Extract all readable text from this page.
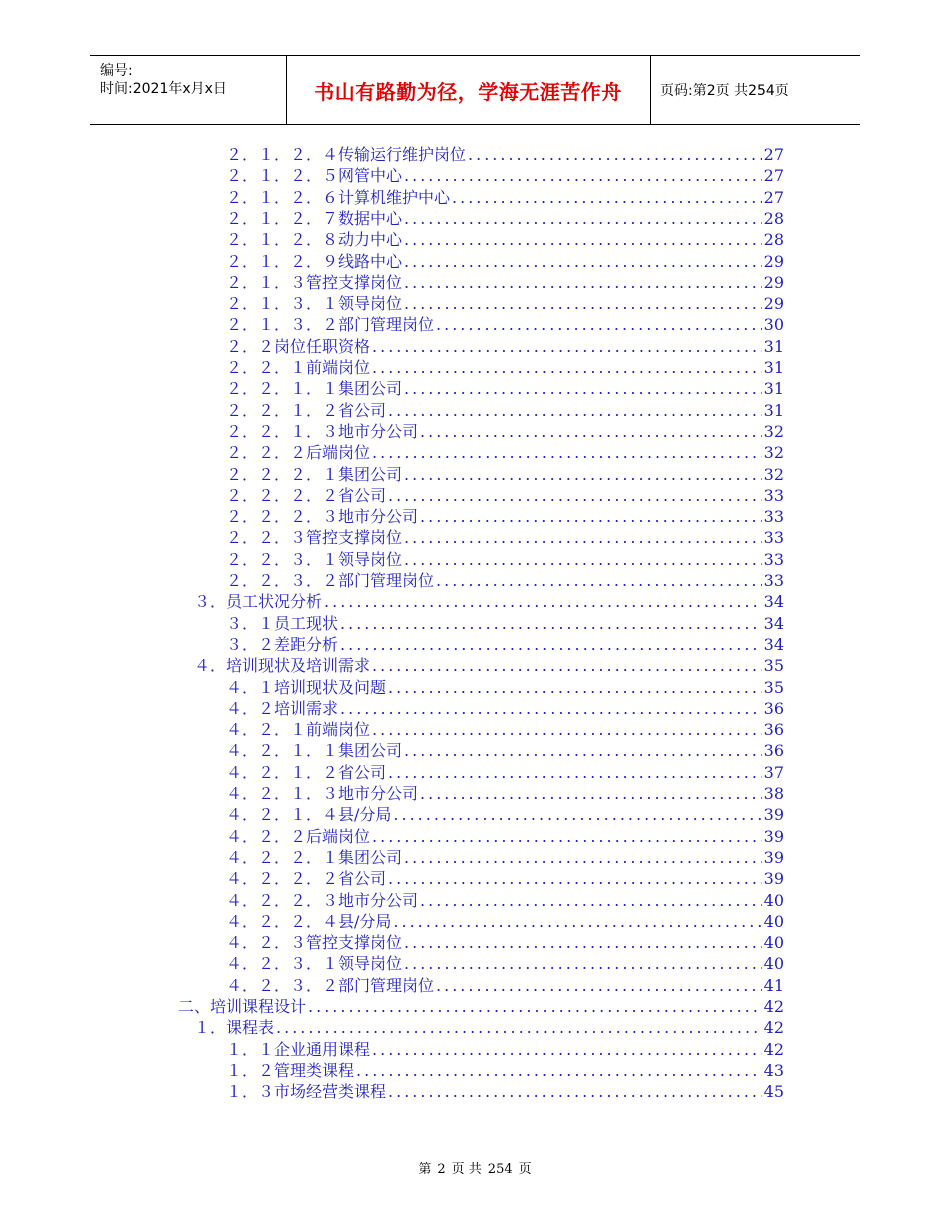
编号:
时间:2021年x月x日	书山有路勤为径，学海无涯苦作舟	页码:第2页 共254页
２．１．２．４传输运行维护岗位 .....	27
２．１．２．５网管中心 .....	27
２．１．２．６计算机维护中心 .....	27
２．１．２．７数据中心 .....	28
２．１．２．８动力中心 .....	28
２．１．２．９线路中心 .....	29
２．１．３管控支撑岗位 .....	29
２．１．３．１领导岗位 .....	29
２．１．３．２部门管理岗位 .....	30
２．２岗位任职资格 .....	31
２．２．１前端岗位 .....	31
２．２．１．１集团公司 .....	31
２．２．１．２省公司 .....	31
２．２．１．３地市分公司 .....	32
２．２．２后端岗位 .....	32
２．２．２．１集团公司 .....	32
２．２．２．２省公司 .....	33
２．２．２．３地市分公司 .....	33
２．２．３管控支撑岗位 .....	33
２．２．３．１领导岗位 .....	33
２．２．３．２部门管理岗位 .....	33
３．员工状况分析 .....	34
３．１员工现状 .....	34
３．２差距分析 .....	34
４．培训现状及培训需求 .....	35
４．１培训现状及问题 .....	35
４．２培训需求 .....	36
４．２．１前端岗位 .....	36
４．２．１．１集团公司 .....	36
４．２．１．２省公司 .....	37
４．２．１．３地市分公司 .....	38
４．２．１．４县/分局 .....	39
４．２．２后端岗位 .....	39
４．２．２．１集团公司 .....	39
４．２．２．２省公司 .....	39
４．２．２．３地市分公司 .....	40
４．２．２．４县/分局 .....	40
４．２．３管控支撑岗位 .....	40
４．２．３．１领导岗位 .....	40
４．２．３．２部门管理岗位 .....	41
二、培训课程设计 .....	42
１．课程表 .....	42
１．１企业通用课程 .....	42
１．２管理类课程 .....	43
１．３市场经营类课程 .....	45
第 2 页 共 254 页
